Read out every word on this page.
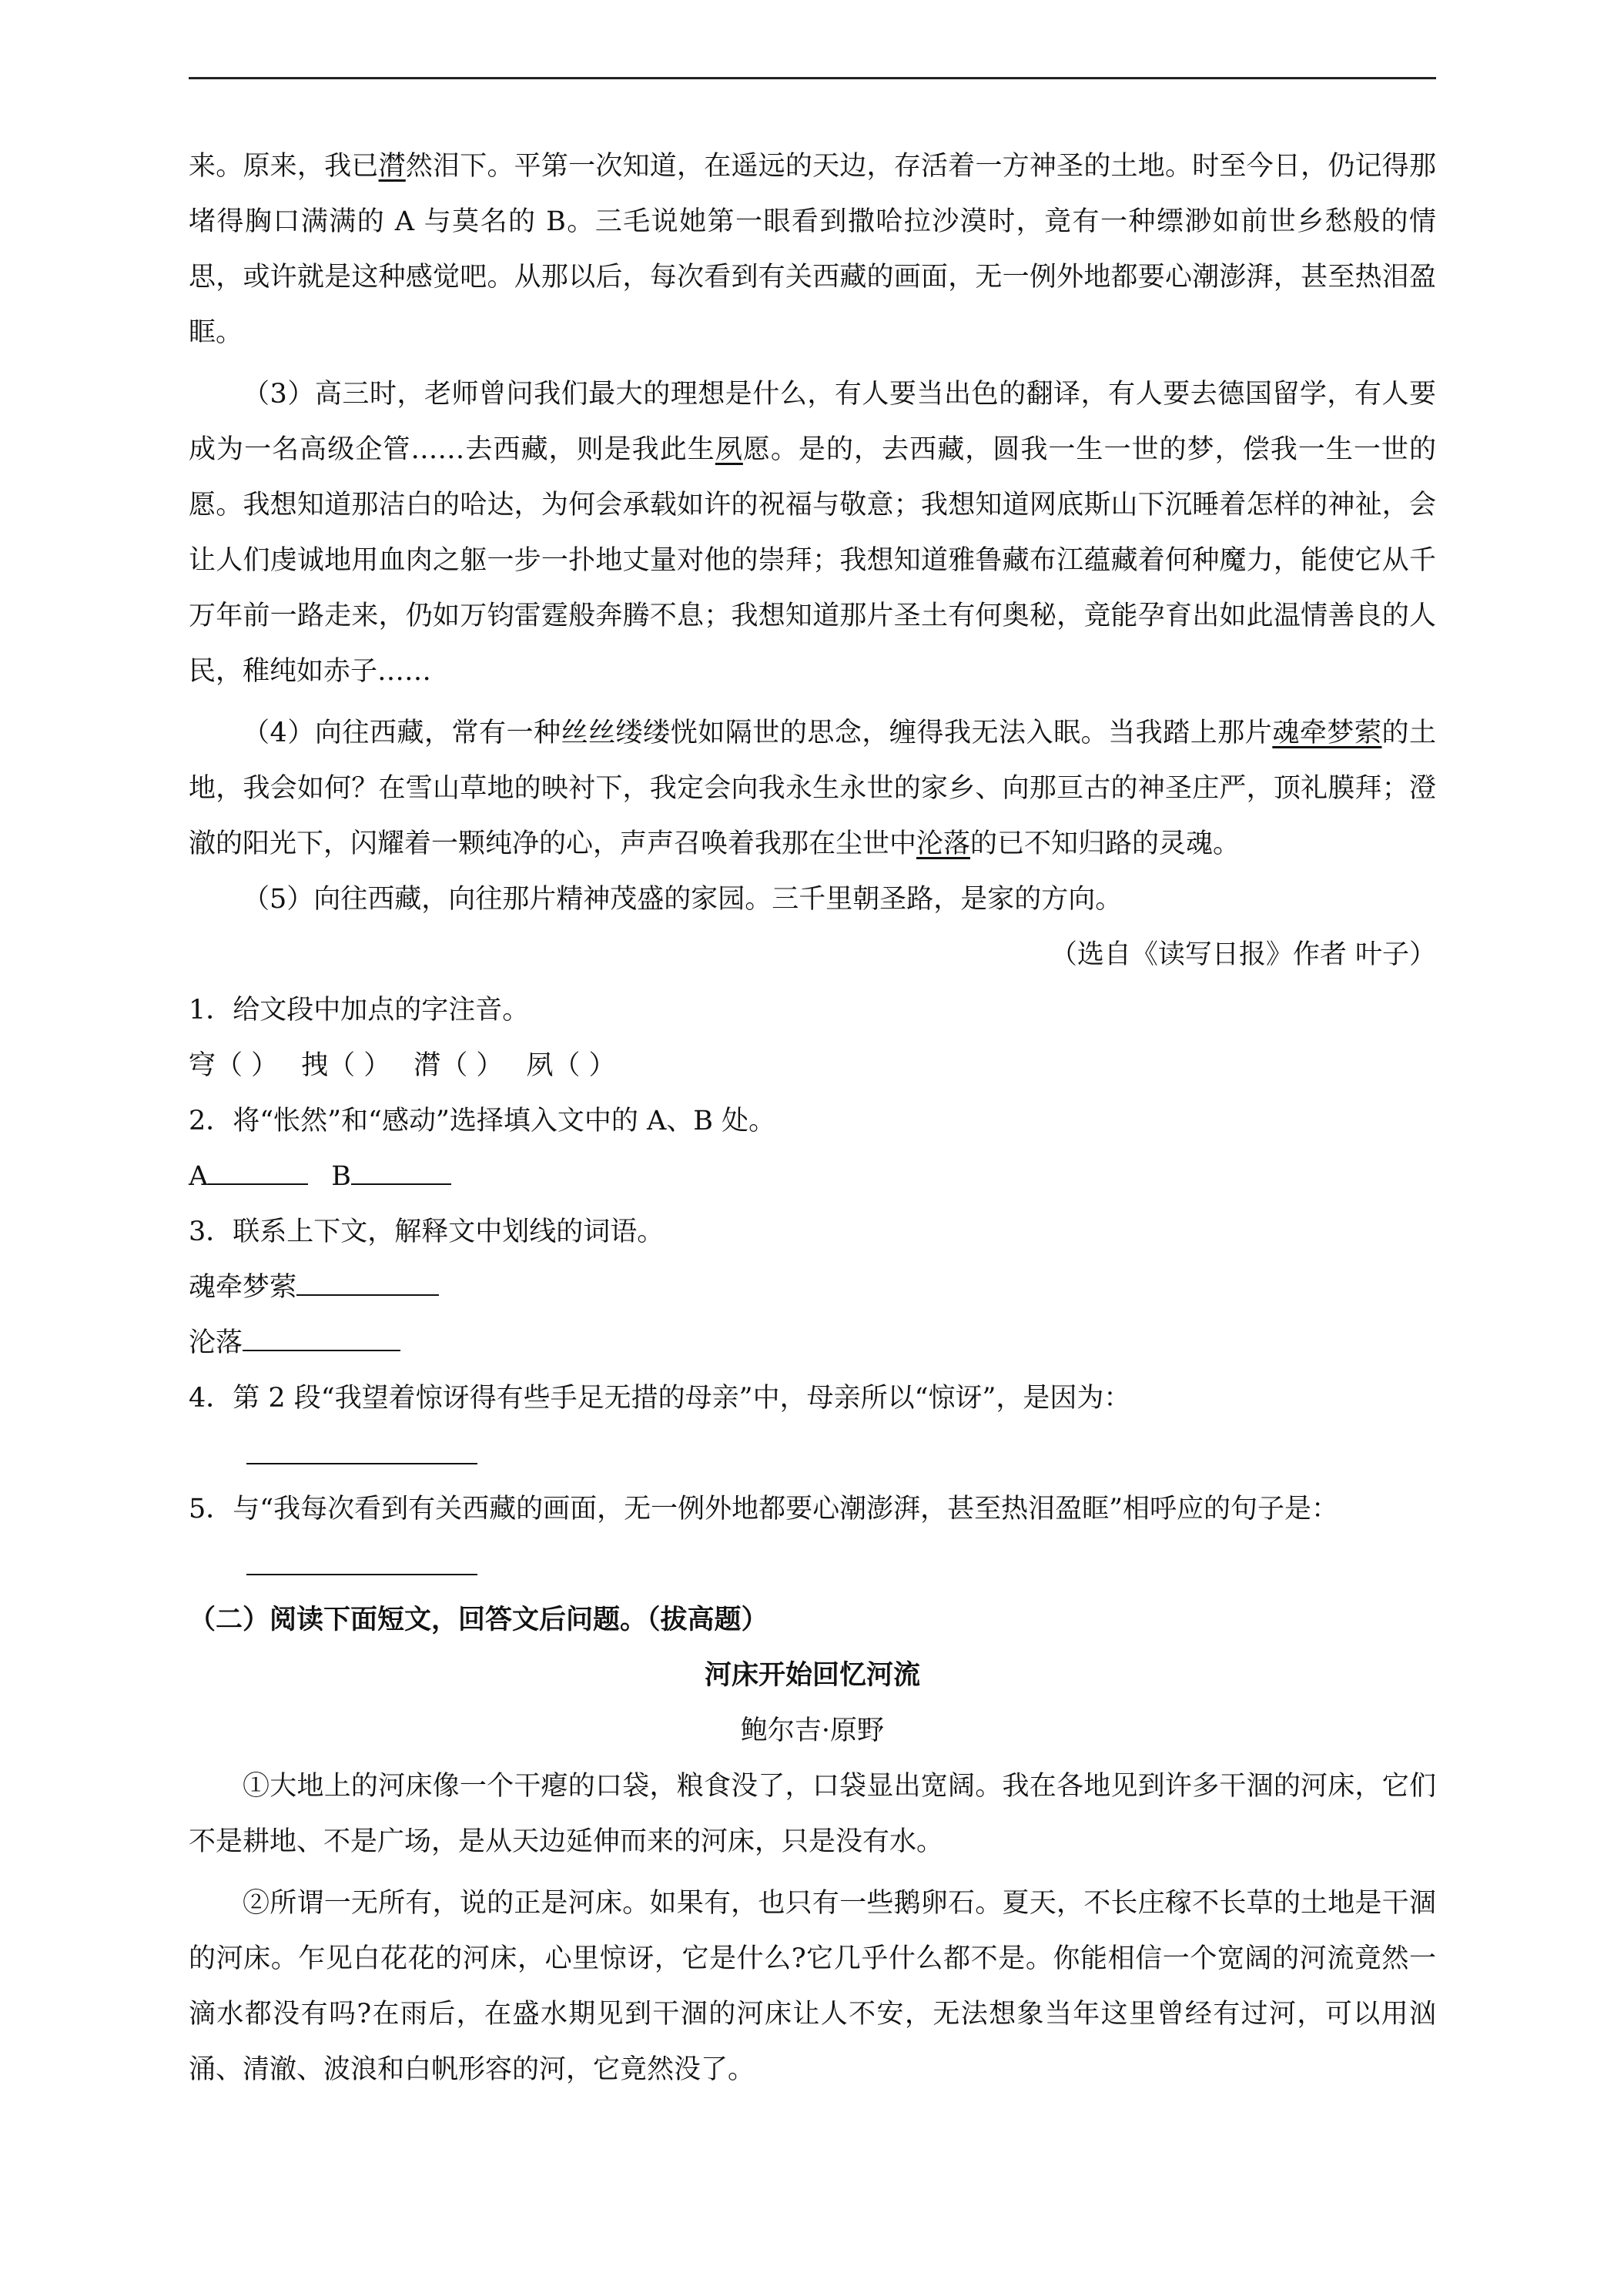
来。原来，我已潸然泪下。平第一次知道，在遥远的天边，存活着一方神圣的土地。时至今日，仍记得那堵得胸口满满的 A 与莫名的 B。三毛说她第一眼看到撒哈拉沙漠时，竟有一种缥渺如前世乡愁般的情思，或许就是这种感觉吧。从那以后，每次看到有关西藏的画面，无一例外地都要心潮澎湃，甚至热泪盈眶。

（3）高三时，老师曾问我们最大的理想是什么，有人要当出色的翻译，有人要去德国留学，有人要成为一名高级企管……去西藏，则是我此生夙愿。是的，去西藏，圆我一生一世的梦，偿我一生一世的愿。我想知道那洁白的哈达，为何会承载如许的祝福与敬意；我想知道网底斯山下沉睡着怎样的神祉，会让人们虔诚地用血肉之躯一步一扑地丈量对他的崇拜；我想知道雅鲁藏布江蕴藏着何种魔力，能使它从千万年前一路走来，仍如万钧雷霆般奔腾不息；我想知道那片圣土有何奥秘，竟能孕育出如此温情善良的人民，稚纯如赤子……

（4）向往西藏，常有一种丝丝缕缕恍如隔世的思念，缠得我无法入眠。当我踏上那片魂牵梦萦的土地，我会如何？在雪山草地的映衬下，我定会向我永生永世的家乡、向那亘古的神圣庄严，顶礼膜拜；澄澈的阳光下，闪耀着一颗纯净的心，声声召唤着我那在尘世中沦落的已不知归路的灵魂。

（5）向往西藏，向往那片精神茂盛的家园。三千里朝圣路，是家的方向。

（选自《读写日报》作者 叶子）

1．给文段中加点的字注音。

穹（ ） 拽（ ） 潸（ ） 夙（ ）

2．将“怅然”和“感动”选择填入文中的 A、B 处。

A	B

3．联系上下文，解释文中划线的词语。

魂牵梦萦

沦落

4．第 2 段“我望着惊讶得有些手足无措的母亲”中，母亲所以“惊讶”，是因为：

5．与“我每次看到有关西藏的画面，无一例外地都要心潮澎湃，甚至热泪盈眶”相呼应的句子是：

（二）阅读下面短文，回答文后问题。（拔高题）

河床开始回忆河流

鲍尔吉·原野

①大地上的河床像一个干瘪的口袋，粮食没了，口袋显出宽阔。我在各地见到许多干涸的河床，它们不是耕地、不是广场，是从天边延伸而来的河床，只是没有水。

②所谓一无所有，说的正是河床。如果有，也只有一些鹅卵石。夏天，不长庄稼不长草的土地是干涸的河床。乍见白花花的河床，心里惊讶，它是什么?它几乎什么都不是。你能相信一个宽阔的河流竟然一滴水都没有吗?在雨后，在盛水期见到干涸的河床让人不安，无法想象当年这里曾经有过河，可以用汹涌、清澈、波浪和白帆形容的河，它竟然没了。
